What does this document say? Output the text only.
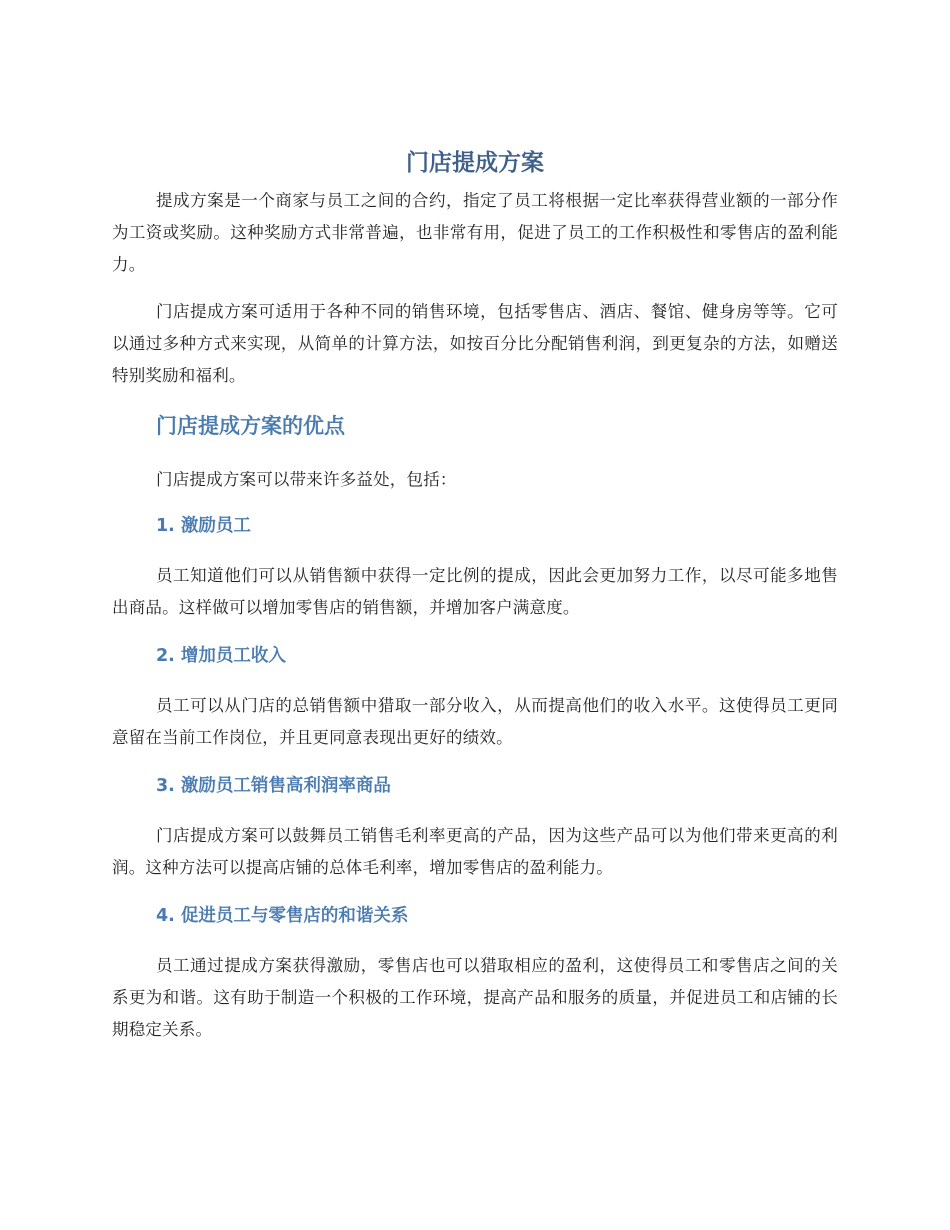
门店提成方案

提成方案是一个商家与员工之间的合约，指定了员工将根据一定比率获得营业额的一部分作为工资或奖励。这种奖励方式非常普遍，也非常有用，促进了员工的工作积极性和零售店的盈利能力。

门店提成方案可适用于各种不同的销售环境，包括零售店、酒店、餐馆、健身房等等。它可以通过多种方式来实现，从简单的计算方法，如按百分比分配销售利润，到更复杂的方法，如赠送特别奖励和福利。

门店提成方案的优点

门店提成方案可以带来许多益处，包括：

1. 激励员工

员工知道他们可以从销售额中获得一定比例的提成，因此会更加努力工作，以尽可能多地售出商品。这样做可以增加零售店的销售额，并增加客户满意度。

2. 增加员工收入

员工可以从门店的总销售额中猎取一部分收入，从而提高他们的收入水平。这使得员工更同意留在当前工作岗位，并且更同意表现出更好的绩效。

3. 激励员工销售高利润率商品

门店提成方案可以鼓舞员工销售毛利率更高的产品，因为这些产品可以为他们带来更高的利润。这种方法可以提高店铺的总体毛利率，增加零售店的盈利能力。

4. 促进员工与零售店的和谐关系

员工通过提成方案获得激励，零售店也可以猎取相应的盈利，这使得员工和零售店之间的关系更为和谐。这有助于制造一个积极的工作环境，提高产品和服务的质量，并促进员工和店铺的长期稳定关系。
